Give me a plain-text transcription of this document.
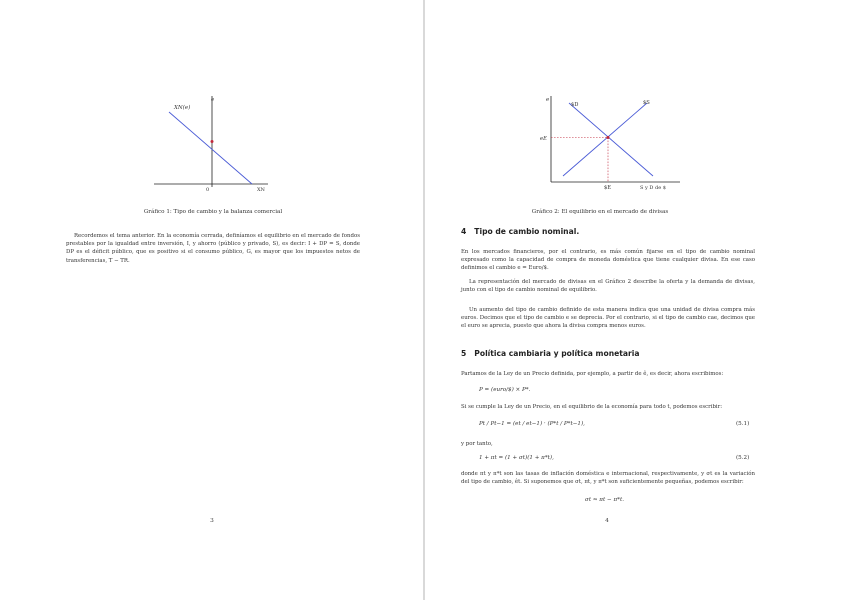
e
XN(e)
0	XN
Gráfico 1: Tipo de cambio y la balanza comercial

Recordemos el tema anterior. En la economía cerrada, definíamos el equilibrio en el mercado de fondos prestables por la igualdad entre inversión, I, y ahorro (público y privado, S), es decir: I + DP = S, donde DP es el déficit público, que es positivo si el consumo público, G, es mayor que los impuestos netos de transferencias, T − TR.

3
e
$D	$S
eE
$E	S y D de $
Gráfico 2: El equilibrio en el mercado de divisas
4 Tipo de cambio nominal.

En los mercados financieros, por el contrario, es más común fijarse en el tipo de cambio nominal expresado como la capacidad de compra de moneda doméstica que tiene cualquier divisa. En ese caso definimos el cambio e = Euro/$.

La representación del mercado de divisas en el Gráfico 2 describe la oferta y la demanda de divisas, junto con el tipo de cambio nominal de equilibrio.

Un aumento del tipo de cambio definido de esta manera indica que una unidad de divisa compra más euros. Decimos que el tipo de cambio e se deprecia. Por el contrario, si el tipo de cambio cae, decimos que el euro se aprecia, puesto que ahora la divisa compra menos euros.

5 Política cambiaria y política monetaria

Partamos de la Ley de un Precio definida, por ejemplo, a partir de ê, es decir, ahora escribimos:

P = (euro/$) × P*.

Si se cumple la Ley de un Precio, en el equilibrio de la economía para todo t, podemos escribir:

Pt / Pt−1 = (et / et−1) · (P*t / P*t−1),	(5.1)

y por tanto,

1 + πt = (1 + σt)(1 + π*t),	(5.2)

donde πt y π*t son las tasas de inflación doméstica e internacional, respectivamente, y σt es la variación del tipo de cambio, êt. Si suponemos que σt, πt, y π*t son suficientemente pequeñas, podemos escribir:

σt ≈ πt − π*t.
4
